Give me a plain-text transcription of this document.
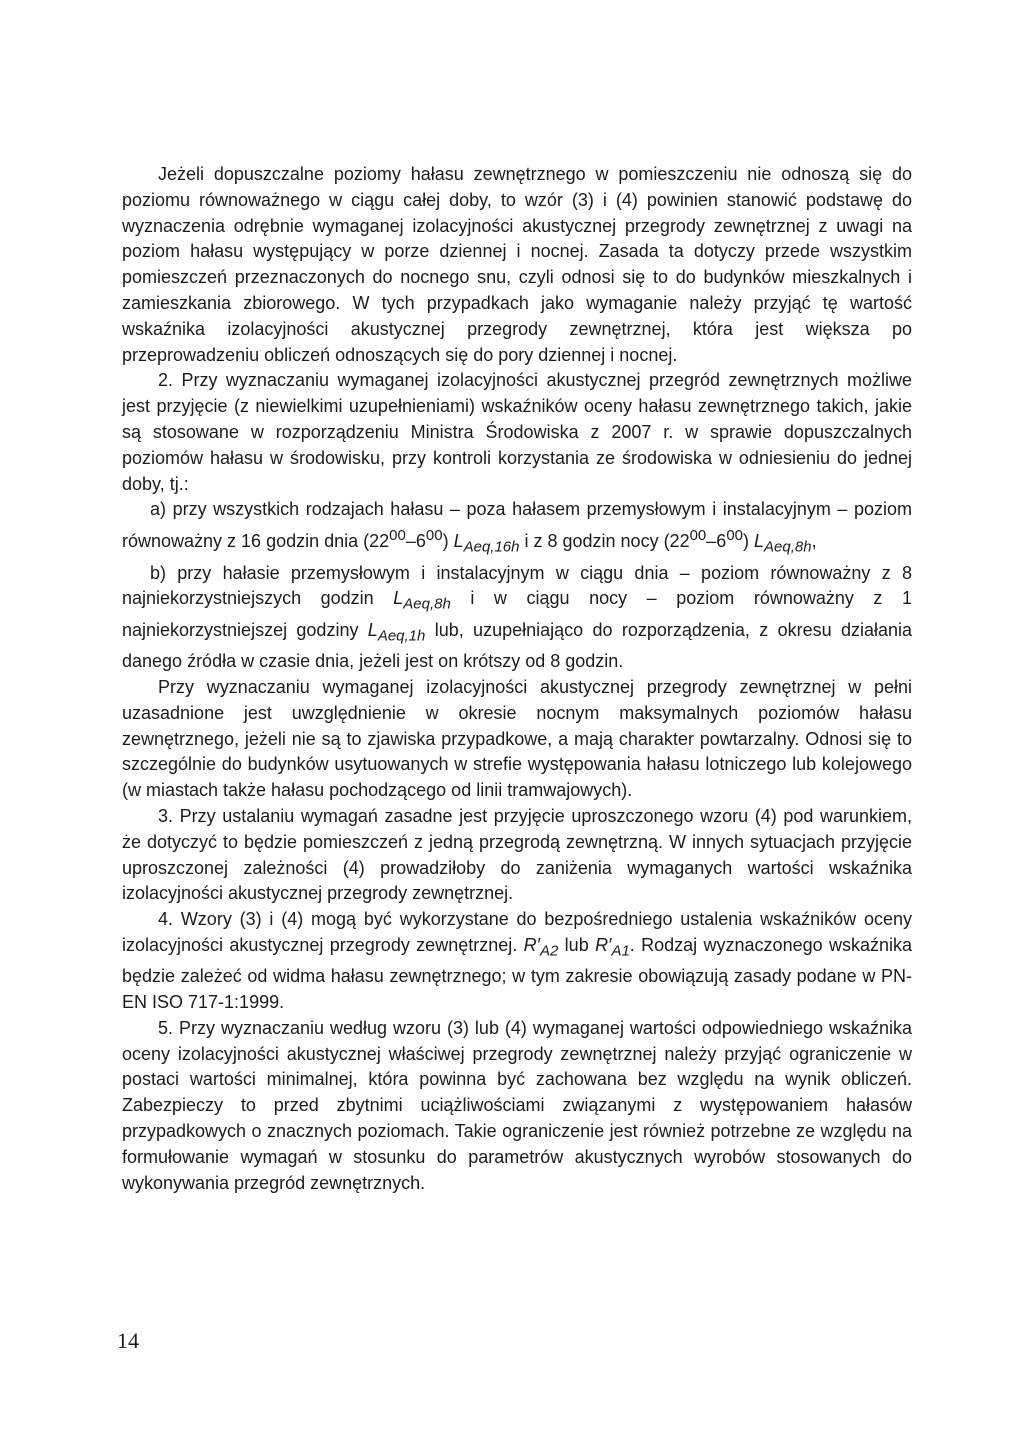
Jeżeli dopuszczalne poziomy hałasu zewnętrznego w pomieszczeniu nie odnoszą się do poziomu równoważnego w ciągu całej doby, to wzór (3) i (4) powinien stanowić podstawę do wyznaczenia odrębnie wymaganej izolacyjności akustycznej przegrody zewnętrznej z uwagi na poziom hałasu występujący w porze dziennej i nocnej. Zasada ta dotyczy przede wszystkim pomieszczeń przeznaczonych do nocnego snu, czyli odnosi się to do budynków mieszkalnych i zamieszkania zbiorowego. W tych przypadkach jako wymaganie należy przyjąć tę wartość wskaźnika izolacyjności akustycznej przegrody zewnętrznej, która jest większa po przeprowadzeniu obliczeń odnoszących się do pory dziennej i nocnej.

2. Przy wyznaczaniu wymaganej izolacyjności akustycznej przegród zewnętrznych możliwe jest przyjęcie (z niewielkimi uzupełnieniami) wskaźników oceny hałasu zewnętrznego takich, jakie są stosowane w rozporządzeniu Ministra Środowiska z 2007 r. w sprawie dopuszczalnych poziomów hałasu w środowisku, przy kontroli korzystania ze środowiska w odniesieniu do jednej doby, tj.:

a) przy wszystkich rodzajach hałasu – poza hałasem przemysłowym i instalacyjnym – poziom równoważny z 16 godzin dnia $(22^{00}-6^{00})$ $L_{Aeq,16h}$ i z 8 godzin nocy $(22^{00}-6^{00})$ $L_{Aeq,8h}$,

b) przy hałasie przemysłowym i instalacyjnym w ciągu dnia – poziom równoważny z 8 najniekorzystniejszych godzin $L_{Aeq,8h}$ i w ciągu nocy – poziom równoważny z 1 najniekorzystniejszej godziny $L_{Aeq,1h}$ lub, uzupełniająco do rozporządzenia, z okresu działania danego źródła w czasie dnia, jeżeli jest on krótszy od 8 godzin.

Przy wyznaczaniu wymaganej izolacyjności akustycznej przegrody zewnętrznej w pełni uzasadnione jest uwzględnienie w okresie nocnym maksymalnych poziomów hałasu zewnętrznego, jeżeli nie są to zjawiska przypadkowe, a mają charakter powtarzalny. Odnosi się to szczególnie do budynków usytuowanych w strefie występowania hałasu lotniczego lub kolejowego (w miastach także hałasu pochodzącego od linii tramwajowych).

3. Przy ustalaniu wymagań zasadne jest przyjęcie uproszczonego wzoru (4) pod warunkiem, że dotyczyć to będzie pomieszczeń z jedną przegrodą zewnętrzną. W innych sytuacjach przyjęcie uproszczonej zależności (4) prowadziłoby do zaniżenia wymaganych wartości wskaźnika izolacyjności akustycznej przegrody zewnętrznej.

4. Wzory (3) i (4) mogą być wykorzystane do bezpośredniego ustalenia wskaźników oceny izolacyjności akustycznej przegrody zewnętrznej. $R'_{A2}$ lub $R'_{A1}$. Rodzaj wyznaczonego wskaźnika będzie zależeć od widma hałasu zewnętrznego; w tym zakresie obowiązują zasady podane w PN-EN ISO 717-1:1999.

5. Przy wyznaczaniu według wzoru (3) lub (4) wymaganej wartości odpowiedniego wskaźnika oceny izolacyjności akustycznej właściwej przegrody zewnętrznej należy przyjąć ograniczenie w postaci wartości minimalnej, która powinna być zachowana bez względu na wynik obliczeń. Zabezpieczy to przed zbytnimi uciążliwościami związanymi z występowaniem hałasów przypadkowych o znacznych poziomach. Takie ograniczenie jest również potrzebne ze względu na formułowanie wymagań w stosunku do parametrów akustycznych wyrobów stosowanych do wykonywania przegród zewnętrznych.

14
